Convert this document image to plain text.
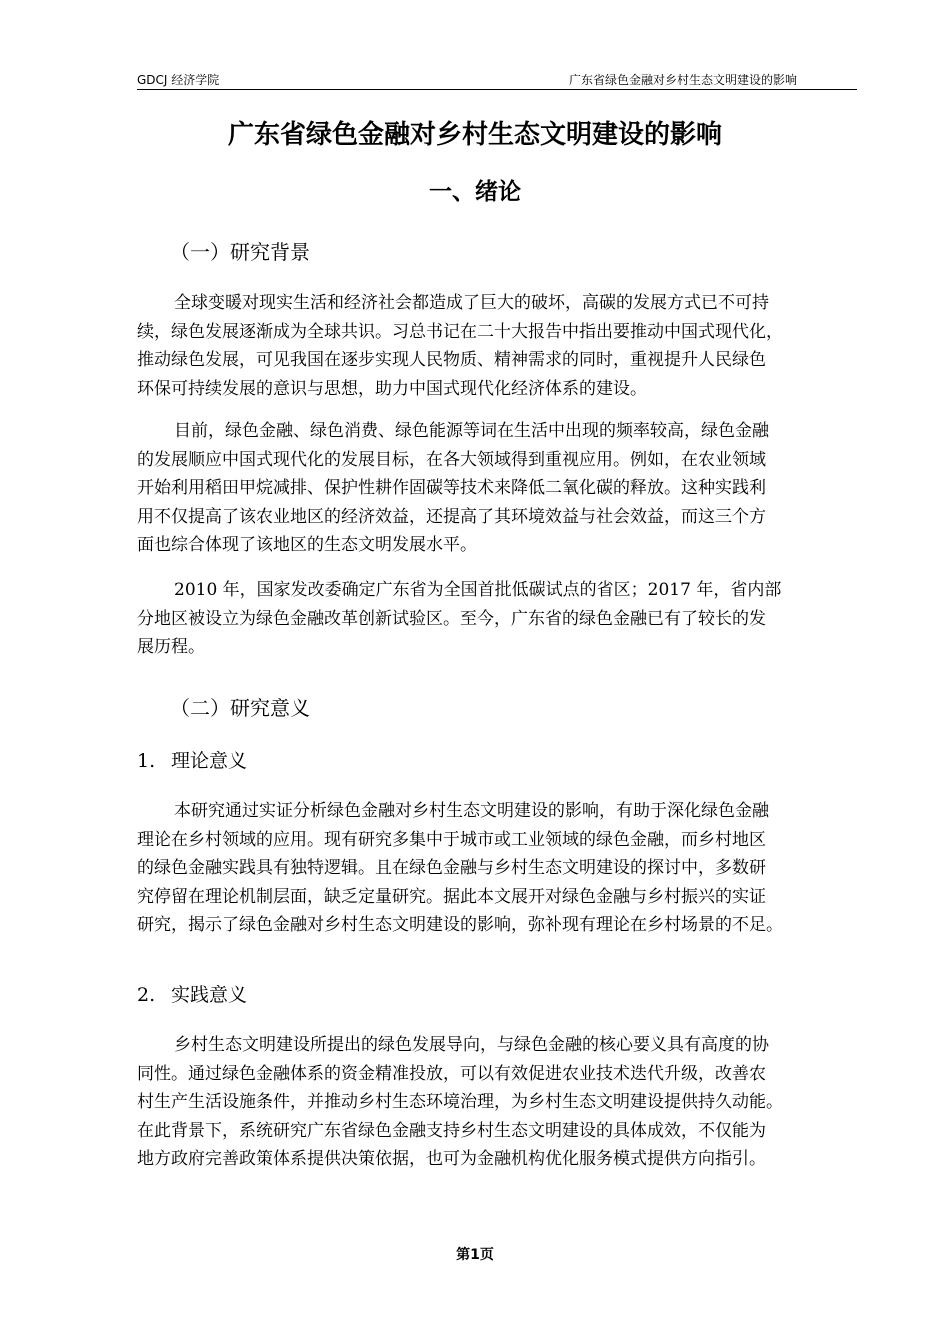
GDCJ 经济学院	广东省绿色金融对乡村生态文明建设的影响
广东省绿色金融对乡村生态文明建设的影响
一、绪论
（一）研究背景
全球变暖对现实生活和经济社会都造成了巨大的破坏，高碳的发展方式已不可持
续，绿色发展逐渐成为全球共识。习总书记在二十大报告中指出要推动中国式现代化，
推动绿色发展，可见我国在逐步实现人民物质、精神需求的同时，重视提升人民绿色
环保可持续发展的意识与思想，助力中国式现代化经济体系的建设。
目前，绿色金融、绿色消费、绿色能源等词在生活中出现的频率较高，绿色金融
的发展顺应中国式现代化的发展目标，在各大领域得到重视应用。例如，在农业领域
开始利用稻田甲烷减排、保护性耕作固碳等技术来降低二氧化碳的释放。这种实践利
用不仅提高了该农业地区的经济效益，还提高了其环境效益与社会效益，而这三个方
面也综合体现了该地区的生态文明发展水平。
2010 年，国家发改委确定广东省为全国首批低碳试点的省区；2017 年，省内部
分地区被设立为绿色金融改革创新试验区。至今，广东省的绿色金融已有了较长的发
展历程。
（二）研究意义
1. 理论意义
本研究通过实证分析绿色金融对乡村生态文明建设的影响，有助于深化绿色金融
理论在乡村领域的应用。现有研究多集中于城市或工业领域的绿色金融，而乡村地区
的绿色金融实践具有独特逻辑。且在绿色金融与乡村生态文明建设的探讨中，多数研
究停留在理论机制层面，缺乏定量研究。据此本文展开对绿色金融与乡村振兴的实证
研究，揭示了绿色金融对乡村生态文明建设的影响，弥补现有理论在乡村场景的不足。
2. 实践意义
乡村生态文明建设所提出的绿色发展导向，与绿色金融的核心要义具有高度的协
同性。通过绿色金融体系的资金精准投放，可以有效促进农业技术迭代升级，改善农
村生产生活设施条件，并推动乡村生态环境治理，为乡村生态文明建设提供持久动能。
在此背景下，系统研究广东省绿色金融支持乡村生态文明建设的具体成效，不仅能为
地方政府完善政策体系提供决策依据，也可为金融机构优化服务模式提供方向指引。
第1页
